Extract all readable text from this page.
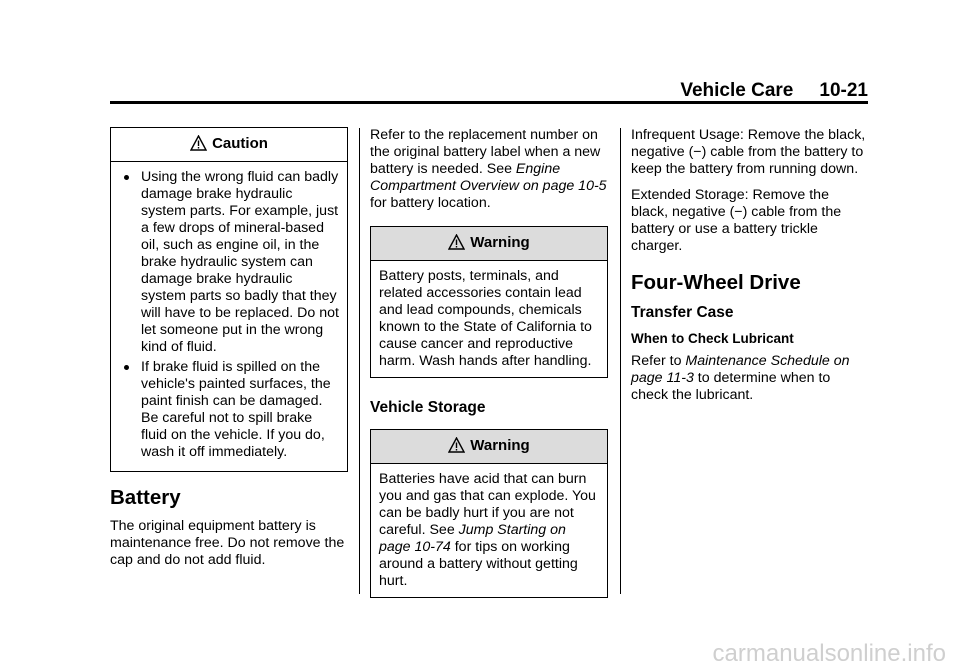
Vehicle Care 10-21
Caution
Using the wrong fluid can badly damage brake hydraulic system parts. For example, just a few drops of mineral-based oil, such as engine oil, in the brake hydraulic system can damage brake hydraulic system parts so badly that they will have to be replaced. Do not let someone put in the wrong kind of fluid.
If brake fluid is spilled on the vehicle's painted surfaces, the paint finish can be damaged. Be careful not to spill brake fluid on the vehicle. If you do, wash it off immediately.
Battery

The original equipment battery is maintenance free. Do not remove the cap and do not add fluid.

Refer to the replacement number on the original battery label when a new battery is needed. See Engine Compartment Overview on page 10-5 for battery location.

Warning
Battery posts, terminals, and related accessories contain lead and lead compounds, chemicals known to the State of California to cause cancer and reproductive harm. Wash hands after handling.
Vehicle Storage
Warning
Batteries have acid that can burn you and gas that can explode. You can be badly hurt if you are not careful. See Jump Starting on page 10-74 for tips on working around a battery without getting hurt.

Infrequent Usage: Remove the black, negative (−) cable from the battery to keep the battery from running down.

Extended Storage: Remove the black, negative (−) cable from the battery or use a battery trickle charger.

Four-Wheel Drive
Transfer Case
When to Check Lubricant

Refer to Maintenance Schedule on page 11-3 to determine when to check the lubricant.

carmanualsonline.info
